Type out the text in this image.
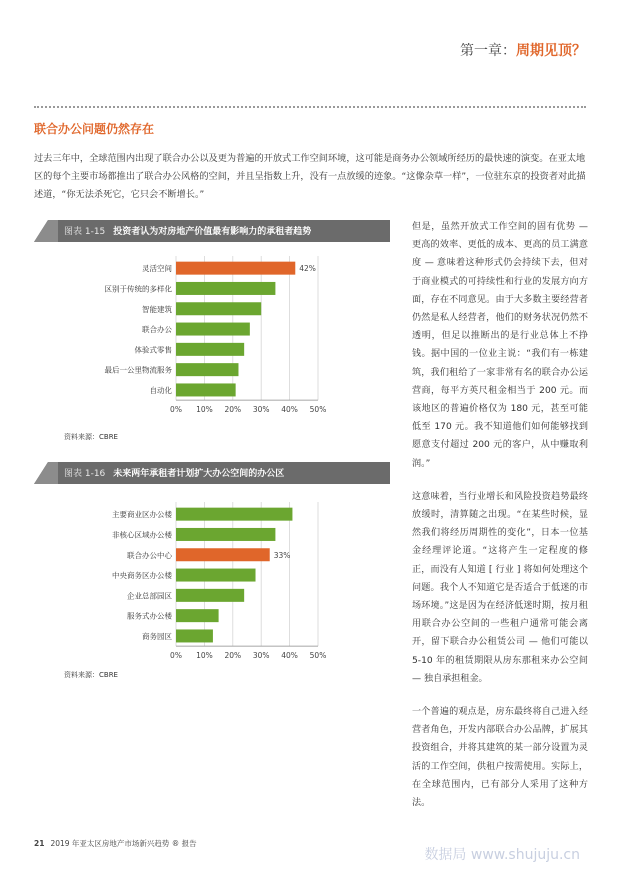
第一章：周期见顶？
联合办公问题仍然存在
过去三年中，全球范围内出现了联合办公以及更为普遍的开放式工作空间环境，这可能是商务办公领域所经历的最快速的演变。在亚太地区的每个主要市场都推出了联合办公风格的空间，并且呈指数上升，没有一点放缓的迹象。“这像杂草一样”，一位驻东京的投资者对此描述道，“你无法杀死它，它只会不断增长。”
图表 1-15 投资者认为对房地产价值最有影响力的承租者趋势
0% 10% 20% 30% 40% 50%
灵活空间	42%
区别于传统的多样化
智能建筑
联合办公
体验式零售
最后一公里物流服务
自动化
资料来源：CBRE
图表 1-16 未来两年承租者计划扩大办公空间的办公区
0% 10% 20% 30% 40% 50%
主要商业区办公楼
非核心区域办公楼
联合办公中心	33%
中央商务区办公楼
企业总部园区
服务式办公楼
商务园区
资料来源：CBRE

但是，虽然开放式工作空间的固有优势 — 更高的效率、更低的成本、更高的员工满意度 — 意味着这种形式仍会持续下去，但对于商业模式的可持续性和行业的发展方向方面，存在不同意见。由于大多数主要经营者仍然是私人经营者，他们的财务状况仍然不透明，但足以推断出的是行业总体上不挣钱。据中国的一位业主说：“我们有一栋建筑，我们租给了一家非常有名的联合办公运营商，每平方英尺租金相当于 200 元。而该地区的普遍价格仅为 180 元，甚至可能低至 170 元。我不知道他们如何能够找到愿意支付超过 200 元的客户，从中赚取利润。”

这意味着，当行业增长和风险投资趋势最终放缓时，清算随之出现。“在某些时候，显然我们将经历周期性的变化”，日本一位基金经理评论道。“这将产生一定程度的修正，而没有人知道 [ 行业 ] 将如何处理这个问题。我个人不知道它是否适合于低迷的市场环境。”这是因为在经济低迷时期，按月租用联合办公空间的一些租户通常可能会离开，留下联合办公租赁公司 — 他们可能以 5-10 年的租赁期限从房东那租来办公空间 — 独自承担租金。

一个普遍的观点是，房东最终将自己进入经营者角色，开发内部联合办公品牌，扩展其投资组合，并将其建筑的某一部分设置为灵活的工作空间，供租户按需使用。实际上，在全球范围内，已有部分人采用了这种方法。

21 2019 年亚太区房地产市场新兴趋势 ® 报告
数据局 www.shujuju.cn
